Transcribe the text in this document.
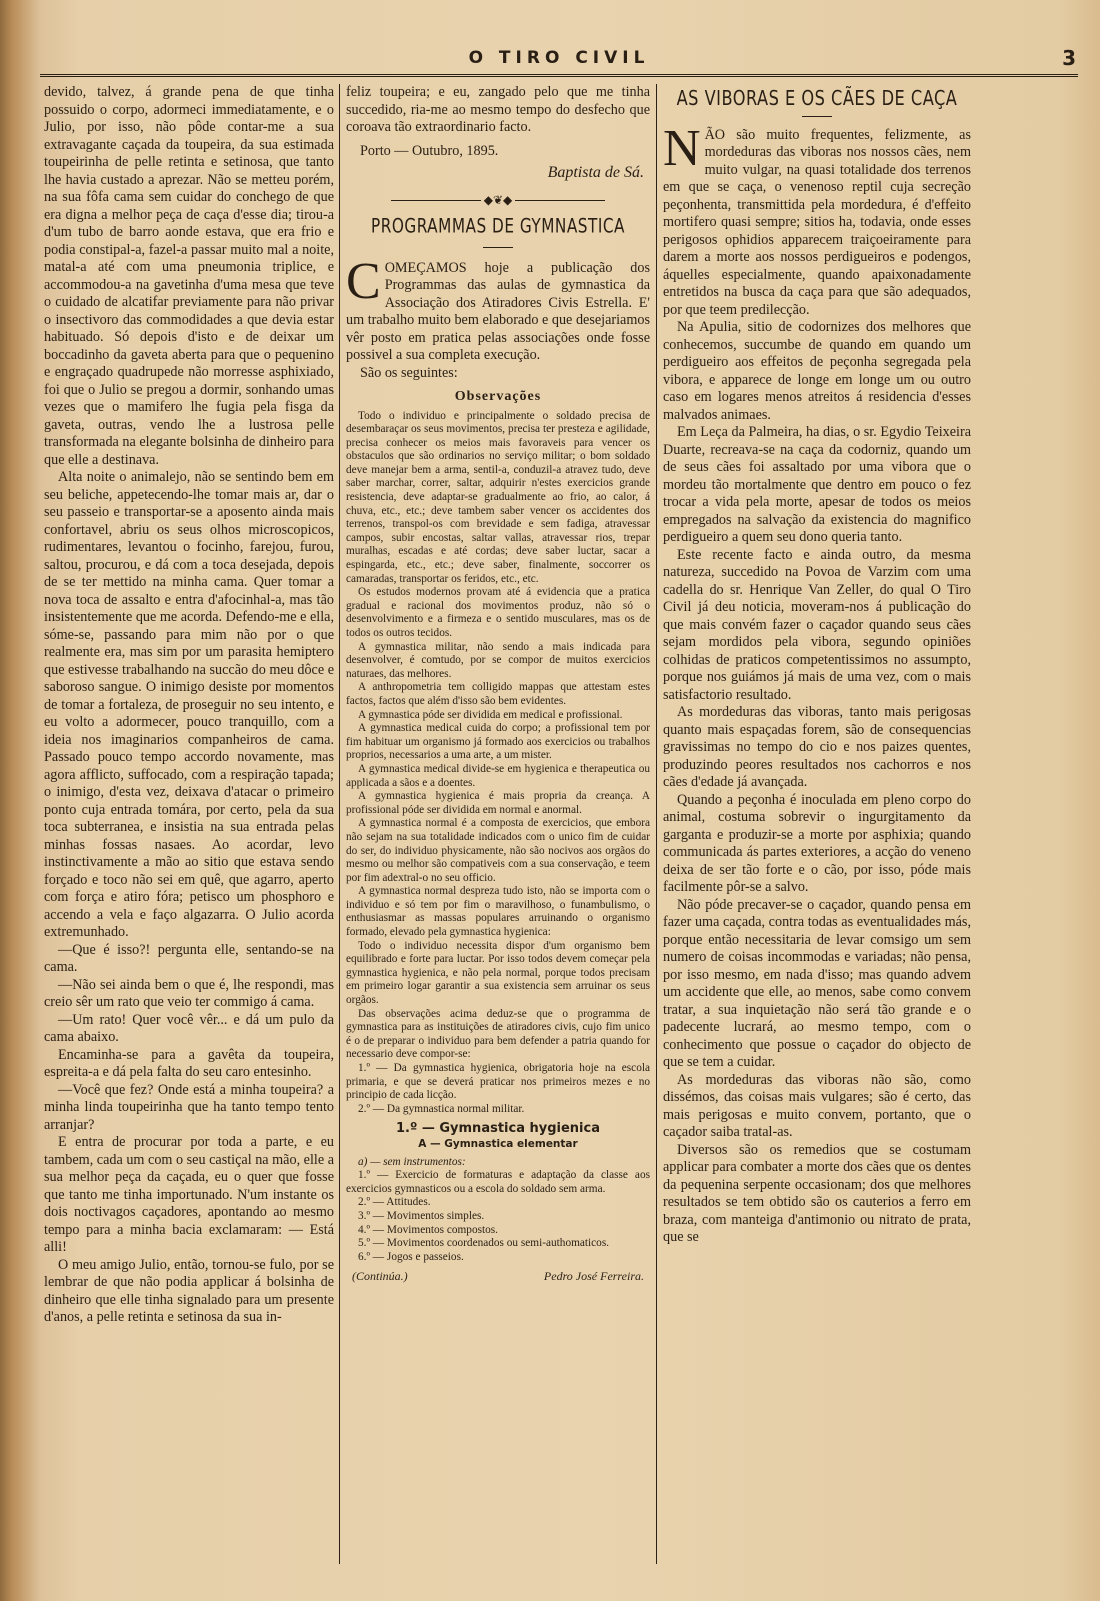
O TIRO CIVIL	3

devido, talvez, á grande pena de que tinha possuido o corpo, adormeci immediatamente, e o Julio, por isso, não pôde contar-me a sua extravagante caçada da toupeira, da sua estimada toupeirinha de pelle retinta e setinosa, que tanto lhe havia custado a aprezar. Não se metteu porém, na sua fôfa cama sem cuidar do conchego de que era digna a melhor peça de caça d'esse dia; tirou-a d'um tubo de barro aonde estava, que era frio e podia constipal-a, fazel-a passar muito mal a noite, matal-a até com uma pneumonia triplice, e accommodou-a na gavetinha d'uma mesa que teve o cuidado de alcatifar previamente para não privar o insectivoro das commodidades a que devia estar habituado. Só depois d'isto e de deixar um boccadinho da gaveta aberta para que o pequenino e engraçado quadrupede não morresse asphixiado, foi que o Julio se pregou a dormir, sonhando umas vezes que o mamifero lhe fugia pela fisga da gaveta, outras, vendo lhe a lustrosa pelle transformada na elegante bolsinha de dinheiro para que elle a destinava.

Alta noite o animalejo, não se sentindo bem em seu beliche, appetecendo-lhe tomar mais ar, dar o seu passeio e transportar-se a aposento ainda mais confortavel, abriu os seus olhos microscopicos, rudimentares, levantou o focinho, farejou, furou, saltou, procurou, e dá com a toca desejada, depois de se ter mettido na minha cama. Quer tomar a nova toca de assalto e entra d'afocinhal-a, mas tão insistentemente que me acorda. Defendo-me e ella, sóme-se, passando para mim não por o que realmente era, mas sim por um parasita hemiptero que estivesse trabalhando na succão do meu dôce e saboroso sangue. O inimigo desiste por momentos de tomar a fortaleza, de proseguir no seu intento, e eu volto a adormecer, pouco tranquillo, com a ideia nos imaginarios companheiros de cama. Passado pouco tempo accordo novamente, mas agora afflicto, suffocado, com a respiração tapada; o inimigo, d'esta vez, deixava d'atacar o primeiro ponto cuja entrada tomára, por certo, pela da sua toca subterranea, e insistia na sua entrada pelas minhas fossas nasaes. Ao acordar, levo instinctivamente a mão ao sitio que estava sendo forçado e toco não sei em quê, que agarro, aperto com força e atiro fóra; petisco um phosphoro e accendo a vela e faço algazarra. O Julio acorda extremunhado.

—Que é isso?! pergunta elle, sentando-se na cama.

—Não sei ainda bem o que é, lhe respondi, mas creio sêr um rato que veio ter commigo á cama.

—Um rato! Quer você vêr... e dá um pulo da cama abaixo.

Encaminha-se para a gavêta da toupeira, espreita-a e dá pela falta do seu caro entesinho.

—Você que fez? Onde está a minha toupeira? a minha linda toupeirinha que ha tanto tempo tento arranjar?

E entra de procurar por toda a parte, e eu tambem, cada um com o seu castiçal na mão, elle a sua melhor peça da caçada, eu o quer que fosse que tanto me tinha importunado. N'um instante os dois noctivagos caçadores, apontando ao mesmo tempo para a minha bacia exclamaram: — Está alli!

O meu amigo Julio, então, tornou-se fulo, por se lembrar de que não podia applicar á bolsinha de dinheiro que elle tinha signalado para um presente d'anos, a pelle retinta e setinosa da sua in-

feliz toupeira; e eu, zangado pelo que me tinha succedido, ria-me ao mesmo tempo do desfecho que coroava tão extraordinario facto.

Porto — Outubro, 1895.

Baptista de Sá.
◆❦◆
PROGRAMMAS DE GYMNASTICA

COMEÇAMOS hoje a publicação dos Programmas das aulas de gymnastica da Associação dos Atiradores Civis Estrella. E' um trabalho muito bem elaborado e que desejariamos vêr posto em pratica pelas associações onde fosse possivel a sua completa execução.

São os seguintes:

Observações

Todo o individuo e principalmente o soldado precisa de desembaraçar os seus movimentos, precisa ter presteza e agilidade, precisa conhecer os meios mais favoraveis para vencer os obstaculos que são ordinarios no serviço militar; o bom soldado deve manejar bem a arma, sentil-a, conduzil-a atravez tudo, deve saber marchar, correr, saltar, adquirir n'estes exercicios grande resistencia, deve adaptar-se gradualmente ao frio, ao calor, á chuva, etc., etc.; deve tambem saber vencer os accidentes dos terrenos, transpol-os com brevidade e sem fadiga, atravessar campos, subir encostas, saltar vallas, atravessar rios, trepar muralhas, escadas e até cordas; deve saber luctar, sacar a espingarda, etc., etc.; deve saber, finalmente, soccorrer os camaradas, transportar os feridos, etc., etc.

Os estudos modernos provam até á evidencia que a pratica gradual e racional dos movimentos produz, não só o desenvolvimento e a firmeza e o sentido musculares, mas os de todos os outros tecidos.

A gymnastica militar, não sendo a mais indicada para desenvolver, é comtudo, por se compor de muitos exercicios naturaes, das melhores.

A anthropometria tem colligido mappas que attestam estes factos, factos que além d'isso são bem evidentes.

A gymnastica póde ser dividida em medical e profissional.

A gymnastica medical cuida do corpo; a profissional tem por fim habituar um organismo já formado aos exercicios ou trabalhos proprios, necessarios a uma arte, a um mister.

A gymnastica medical divide-se em hygienica e therapeutica ou applicada a sãos e a doentes.

A gymnastica hygienica é mais propria da creança. A profissional póde ser dividida em normal e anormal.

A gymnastica normal é a composta de exercicios, que embora não sejam na sua totalidade indicados com o unico fim de cuidar do ser, do individuo physicamente, não são nocivos aos orgãos do mesmo ou melhor são compativeis com a sua conservação, e teem por fim adextral-o no seu officio.

A gymnastica normal despreza tudo isto, não se importa com o individuo e só tem por fim o maravilhoso, o funambulismo, o enthusiasmar as massas populares arruinando o organismo formado, elevado pela gymnastica hygienica:

Todo o individuo necessita dispor d'um organismo bem equilibrado e forte para luctar. Por isso todos devem começar pela gymnastica hygienica, e não pela normal, porque todos precisam em primeiro logar garantir a sua existencia sem arruinar os seus orgãos.

Das observações acima deduz-se que o programma de gymnastica para as instituições de atiradores civis, cujo fim unico é o de preparar o individuo para bem defender a patria quando for necessario deve compor-se:

1.º — Da gymnastica hygienica, obrigatoria hoje na escola primaria, e que se deverá praticar nos primeiros mezes e no principio de cada licção.

2.º — Da gymnastica normal militar.

1.º — Gymnastica hygienica
A — Gymnastica elementar

a) — sem instrumentos:

1.º — Exercicio de formaturas e adaptação da classe aos exercicios gymnasticos ou a escola do soldado sem arma.

2.º — Attitudes.

3.º — Movimentos simples.

4.º — Movimentos compostos.

5.º — Movimentos coordenados ou semi-authomaticos.

6.º — Jogos e passeios.

(Continúa.)	Pedro José Ferreira.
AS VIBORAS E OS CÃES DE CAÇA

NÃO são muito frequentes, felizmente, as mordeduras das viboras nos nossos cães, nem muito vulgar, na quasi totalidade dos terrenos em que se caça, o venenoso reptil cuja secreção peçonhenta, transmittida pela mordedura, é d'effeito mortifero quasi sempre; sitios ha, todavia, onde esses perigosos ophidios apparecem traiçoeiramente para darem a morte aos nossos perdigueiros e podengos, áquelles especialmente, quando apaixonadamente entretidos na busca da caça para que são adequados, por que teem predilecção.

Na Apulia, sitio de codornizes dos melhores que conhecemos, succumbe de quando em quando um perdigueiro aos effeitos de peçonha segregada pela vibora, e apparece de longe em longe um ou outro caso em logares menos atreitos á residencia d'esses malvados animaes.

Em Leça da Palmeira, ha dias, o sr. Egydio Teixeira Duarte, recreava-se na caça da codorniz, quando um de seus cães foi assaltado por uma vibora que o mordeu tão mortalmente que dentro em pouco o fez trocar a vida pela morte, apesar de todos os meios empregados na salvação da existencia do magnifico perdigueiro a quem seu dono queria tanto.

Este recente facto e ainda outro, da mesma natureza, succedido na Povoa de Varzim com uma cadella do sr. Henrique Van Zeller, do qual O Tiro Civil já deu noticia, moveram-nos á publicação do que mais convém fazer o caçador quando seus cães sejam mordidos pela vibora, segundo opiniões colhidas de praticos competentissimos no assumpto, porque nos guiámos já mais de uma vez, com o mais satisfactorio resultado.

As mordeduras das viboras, tanto mais perigosas quanto mais espaçadas forem, são de consequencias gravissimas no tempo do cio e nos paizes quentes, produzindo peores resultados nos cachorros e nos cães d'edade já avançada.

Quando a peçonha é inoculada em pleno corpo do animal, costuma sobrevir o ingurgitamento da garganta e produzir-se a morte por asphixia; quando communicada ás partes exteriores, a acção do veneno deixa de ser tão forte e o cão, por isso, póde mais facilmente pôr-se a salvo.

Não póde precaver-se o caçador, quando pensa em fazer uma caçada, contra todas as eventualidades más, porque então necessitaria de levar comsigo um sem numero de coisas incommodas e variadas; não pensa, por isso mesmo, em nada d'isso; mas quando advem um accidente que elle, ao menos, sabe como convem tratar, a sua inquietação não será tão grande e o padecente lucrará, ao mesmo tempo, com o conhecimento que possue o caçador do objecto de que se tem a cuidar.

As mordeduras das viboras não são, como dissémos, das coisas mais vulgares; são é certo, das mais perigosas e muito convem, portanto, que o caçador saiba tratal-as.

Diversos são os remedios que se costumam applicar para combater a morte dos cães que os dentes da pequenina serpente occasionam; dos que melhores resultados se tem obtido são os cauterios a ferro em braza, com manteiga d'antimonio ou nitrato de prata, que se
